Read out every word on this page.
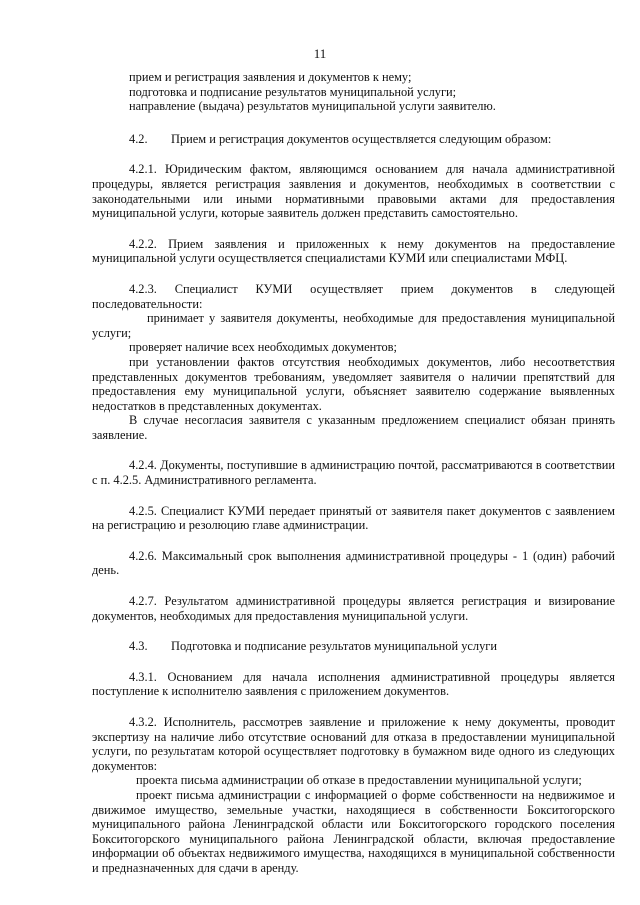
11
прием и регистрация заявления и документов к нему;
подготовка и подписание результатов муниципальной услуги;
направление (выдача) результатов муниципальной услуги заявителю.

4.2. Прием и регистрация документов осуществляется следующим образом:

4.2.1. Юридическим фактом, являющимся основанием для начала административной процедуры, является регистрация заявления и документов, необходимых в соответствии с законодательными или иными нормативными правовыми актами для предоставления муниципальной услуги, которые заявитель должен представить самостоятельно.

4.2.2. Прием заявления и приложенных к нему документов на предоставление муниципальной услуги осуществляется специалистами КУМИ или специалистами МФЦ.

4.2.3. Специалист КУМИ осуществляет прием документов в следующей последовательности:

принимает у заявителя документы, необходимые для предоставления муниципальной услуги;

проверяет наличие всех необходимых документов;

при установлении фактов отсутствия необходимых документов, либо несоответствия представленных документов требованиям, уведомляет заявителя о наличии препятствий для предоставления ему муниципальной услуги, объясняет заявителю содержание выявленных недостатков в представленных документах.

В случае несогласия заявителя с указанным предложением специалист обязан принять заявление.

4.2.4. Документы, поступившие в администрацию почтой, рассматриваются в соответствии с п. 4.2.5. Административного регламента.

4.2.5. Специалист КУМИ передает принятый от заявителя пакет документов с заявлением на регистрацию и резолюцию главе администрации.

4.2.6. Максимальный срок выполнения административной процедуры - 1 (один) рабочий день.

4.2.7. Результатом административной процедуры является регистрация и визирование документов, необходимых для предоставления муниципальной услуги.

4.3. Подготовка и подписание результатов муниципальной услуги

4.3.1. Основанием для начала исполнения административной процедуры является поступление к исполнителю заявления с приложением документов.

4.3.2. Исполнитель, рассмотрев заявление и приложение к нему документы, проводит экспертизу на наличие либо отсутствие оснований для отказа в предоставлении муниципальной услуги, по результатам которой осуществляет подготовку в бумажном виде одного из следующих документов:

проекта письма администрации об отказе в предоставлении муниципальной услуги;

проект письма администрации с информацией о форме собственности на недвижимое и движимое имущество, земельные участки, находящиеся в собственности Бокситогорского муниципального района Ленинградской области или Бокситогорского городского поселения Бокситогорского муниципального района Ленинградской области, включая предоставление информации об объектах недвижимого имущества, находящихся в муниципальной собственности и предназначенных для сдачи в аренду.
